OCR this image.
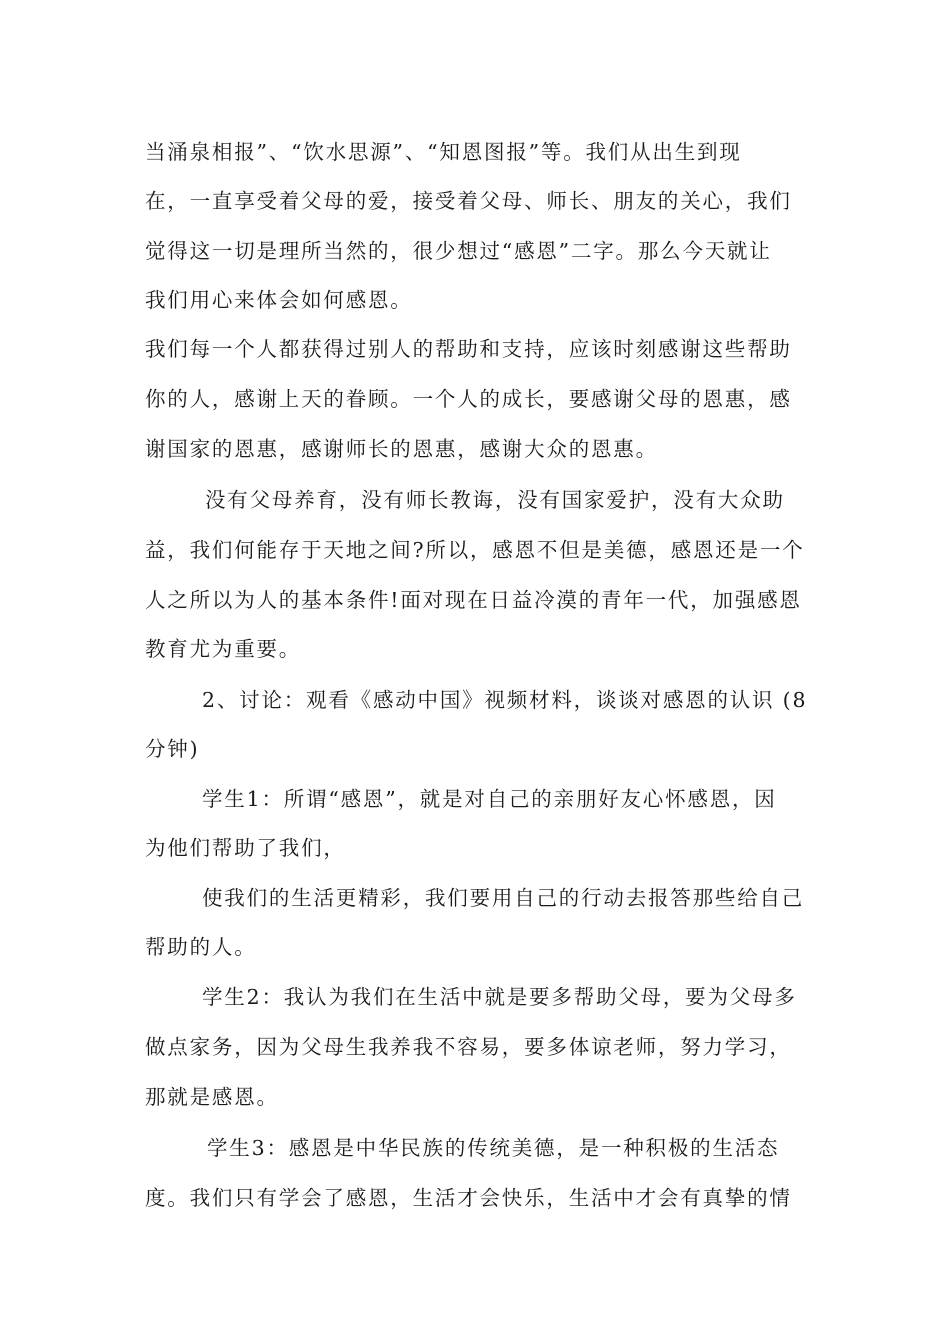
当涌泉相报”、“饮水思源”、“知恩图报”等。我们从出生到现
在，一直享受着父母的爱，接受着父母、师长、朋友的关心，我们
觉得这一切是理所当然的，很少想过“感恩”二字。那么今天就让
我们用心来体会如何感恩。
我们每一个人都获得过别人的帮助和支持，应该时刻感谢这些帮助
你的人，感谢上天的眷顾。一个人的成长，要感谢父母的恩惠，感
谢国家的恩惠，感谢师长的恩惠，感谢大众的恩惠。
没有父母养育，没有师长教诲，没有国家爱护，没有大众助
益，我们何能存于天地之间?所以，感恩不但是美德，感恩还是一个
人之所以为人的基本条件!面对现在日益冷漠的青年一代，加强感恩
教育尤为重要。
2、讨论：观看《感动中国》视频材料，谈谈对感恩的认识 (8
分钟)
学生1：所谓“感恩”，就是对自己的亲朋好友心怀感恩，因
为他们帮助了我们，
使我们的生活更精彩，我们要用自己的行动去报答那些给自己
帮助的人。
学生2：我认为我们在生活中就是要多帮助父母，要为父母多
做点家务，因为父母生我养我不容易，要多体谅老师，努力学习，
那就是感恩。
学生3：感恩是中华民族的传统美德，是一种积极的生活态
度。我们只有学会了感恩，生活才会快乐，生活中才会有真挚的情
